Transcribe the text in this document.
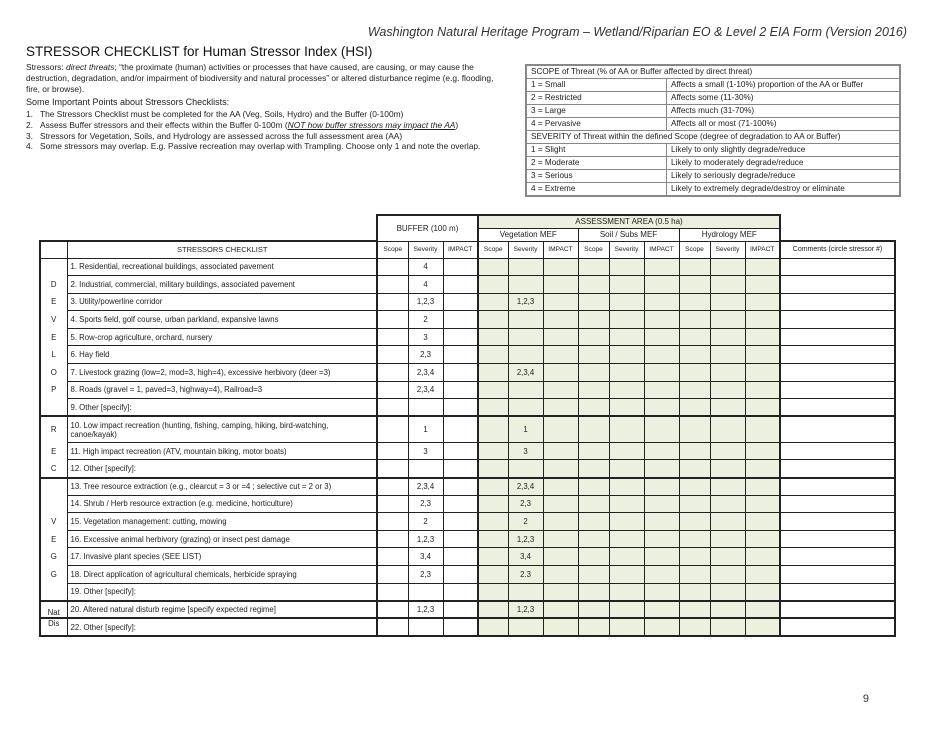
Washington Natural Heritage Program – Wetland/Riparian EO & Level 2 EIA Form (Version 2016)
STRESSOR CHECKLIST for Human Stressor Index (HSI)
Stressors: direct threats; “the proximate (human) activities or processes that have caused, are causing, or may cause the destruction, degradation, and/or impairment of biodiversity and natural processes” or altered disturbance regime (e.g. flooding, fire, or browse).
Some Important Points about Stressors Checklists:
1. The Stressors Checklist must be completed for the AA (Veg, Soils, Hydro) and the Buffer (0-100m)
2. Assess Buffer stressors and their effects within the Buffer 0-100m (NOT how buffer stressors may impact the AA)
3. Stressors for Vegetation, Soils, and Hydrology are assessed across the full assessment area (AA)
4. Some stressors may overlap. E.g. Passive recreation may overlap with Trampling. Choose only 1 and note the overlap.
SCOPE of Threat (% of AA or Buffer affected by direct threat)	
1 = Small	Affects a small (1-10%) proportion of the AA or Buffer
2 = Restricted	Affects some (11-30%)
3 = Large	Affects much (31-70%)
4 = Pervasive	Affects all or most (71-100%)
SEVERITY of Threat within the defined Scope (degree of degradation to AA or Buffer)	
1 = Slight	Likely to only slightly degrade/reduce
2 = Moderate	Likely to moderately degrade/reduce
3 = Serious	Likely to seriously degrade/reduce
4 = Extreme	Likely to extremely degrade/destroy or eliminate
		BUFFER (100 m)			ASSESSMENT AREA (0.5 ha)									
					Vegetation MEF			Soil / Subs MEF			Hydrology MEF			
	STRESSORS CHECKLIST	Scope	Severity	IMPACT	Scope	Severity	IMPACT	Scope	Severity	IMPACT	Scope	Severity	IMPACT	Comments (circle stressor #)
	1. Residential, recreational buildings, associated pavement		4											
D	2. Industrial, commercial, military buildings, associated pavement		4											
E	3. Utility/powerline corridor		1,2,3			1,2,3								
V	4. Sports field, golf course, urban parkland, expansive lawns		2											
E	5. Row-crop agriculture, orchard, nursery		3											
L	6. Hay field		2,3											
O	7. Livestock grazing (low=2, mod=3, high=4), excessive herbivory (deer =3)		2,3,4			2,3,4								
P	8. Roads (gravel = 1, paved=3, highway=4), Railroad=3		2,3,4											
	9. Other [specify]:													
R	10. Low impact recreation (hunting, fishing, camping, hiking, bird-watching, canoe/kayak)		1			1								
E	11. High impact recreation (ATV, mountain biking, motor boats)		3			3								
C	12. Other [specify]:													
	13. Tree resource extraction (e.g., clearcut = 3 or =4 ; selective cut = 2 or 3)		2,3,4			2,3,4								
	14. Shrub / Herb resource extraction (e.g. medicine, horticulture)		2,3			2,3								
V	15. Vegetation management: cutting, mowing		2			2								
E	16. Excessive animal herbivory (grazing) or insect pest damage		1,2,3			1,2,3								
G	17. Invasive plant species (SEE LIST)		3,4			3,4								
G	18. Direct application of agricultural chemicals, herbicide spraying		2,3			2.3								
	19. Other [specify]:													
Nat	20. Altered natural disturb regime [specify expected regime]		1,2,3			1,2,3								
Dis	22. Other [specify]:													
9
